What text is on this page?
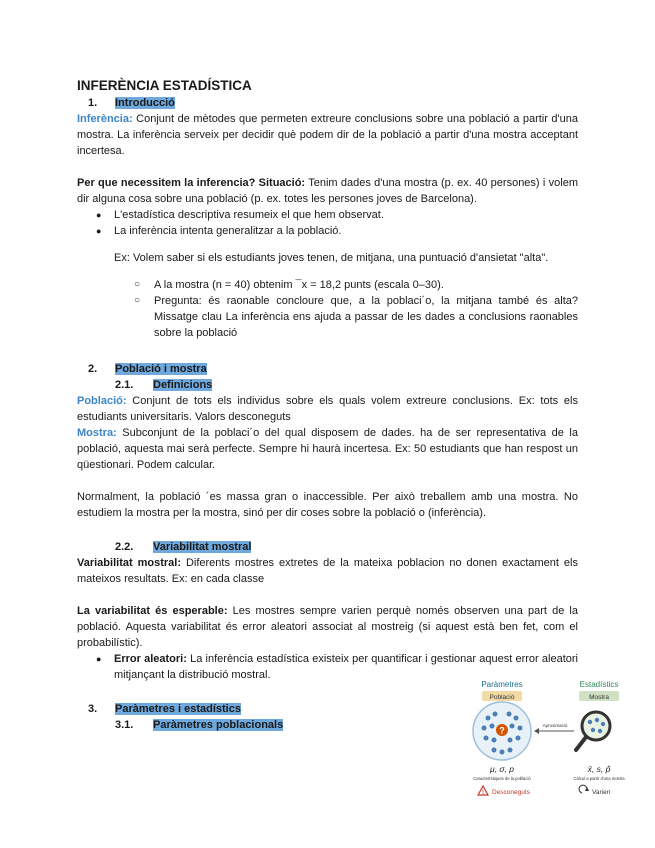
INFERÈNCIA ESTADÍSTICA

1. Introducció

Inferència: Conjunt de mètodes que permeten extreure conclusions sobre una població a partir d'una mostra. La inferència serveix per decidir què podem dir de la població a partir d'una mostra acceptant incertesa.

Per que necessitem la inferencia? Situació: Tenim dades d'una mostra (p. ex. 40 persones) i volem dir alguna cosa sobre una població (p. ex. totes les persones joves de Barcelona).

● L'estadística descriptiva resumeix el que hem observat.
● La inferència intenta generalitzar a la població.

Ex: Volem saber si els estudiants joves tenen, de mitjana, una puntuació d'ansietat "alta".

○ A la mostra (n = 40) obtenim ¯x = 18,2 punts (escala 0–30).
○ Pregunta: és raonable concloure que, a la poblaci´o, la mitjana també és alta? Missatge clau La inferència ens ajuda a passar de les dades a conclusions raonables sobre la població

2. Població i mostra

2.1. Definicions

Població: Conjunt de tots els individus sobre els quals volem extreure conclusions. Ex: tots els estudiants universitaris. Valors desconeguts

Mostra: Subconjunt de la poblaci´o del qual disposem de dades. ha de ser representativa de la població, aquesta mai serà perfecte. Sempre hi haurà incertesa. Ex: 50 estudiants que han respost un qüestionari. Podem calcular.

Normalment, la població ´es massa gran o inaccessible. Per això treballem amb una mostra. No estudiem la mostra per la mostra, sinó per dir coses sobre la població o (inferència).

2.2. Variabilitat mostral

Variabilitat mostral: Diferents mostres extretes de la mateixa poblacion no donen exactament els mateixos resultats. Ex: en cada classe

La variabilitat és esperable: Les mostres sempre varien perquè només observen una part de la població. Aquesta variabilitat és error aleatori associat al mostreig (si aquest està ben fet, com el probabilístic).

● Error aleatori: La inferència estadística existeix per quantificar i gestionar aquest error aleatori mitjançant la distribució mostral.

3. Paràmetres i estadístics

3.1. Paràmetres poblacionals

Paràmetres	Estadístics
Població	Mostra
?	Aproximació
μ, σ, p	x̄, s, p̂
Característiques de la població	Càlcul a partir d'una mostra
! Desconeguts	Varien
